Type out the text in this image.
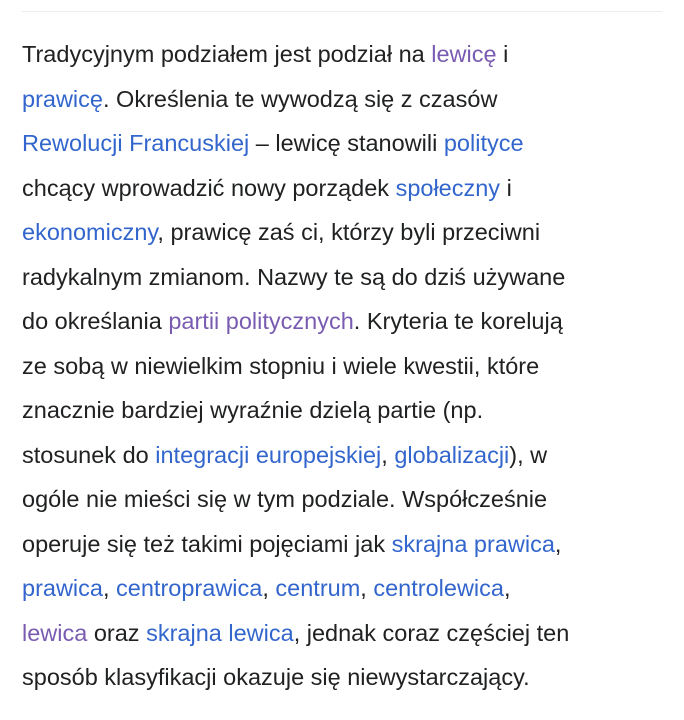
Tradycyjnym podziałem jest podział na lewicę i
prawicę. Określenia te wywodzą się z czasów
Rewolucji Francuskiej – lewicę stanowili polityce
chcący wprowadzić nowy porządek społeczny i
ekonomiczny, prawicę zaś ci, którzy byli przeciwni
radykalnym zmianom. Nazwy te są do dziś używane
do określania partii politycznych. Kryteria te korelują
ze sobą w niewielkim stopniu i wiele kwestii, które
znacznie bardziej wyraźnie dzielą partie (np.
stosunek do integracji europejskiej, globalizacji), w
ogóle nie mieści się w tym podziale. Współcześnie
operuje się też takimi pojęciami jak skrajna prawica,
prawica, centroprawica, centrum, centrolewica,
lewica oraz skrajna lewica, jednak coraz częściej ten
sposób klasyfikacji okazuje się niewystarczający.
